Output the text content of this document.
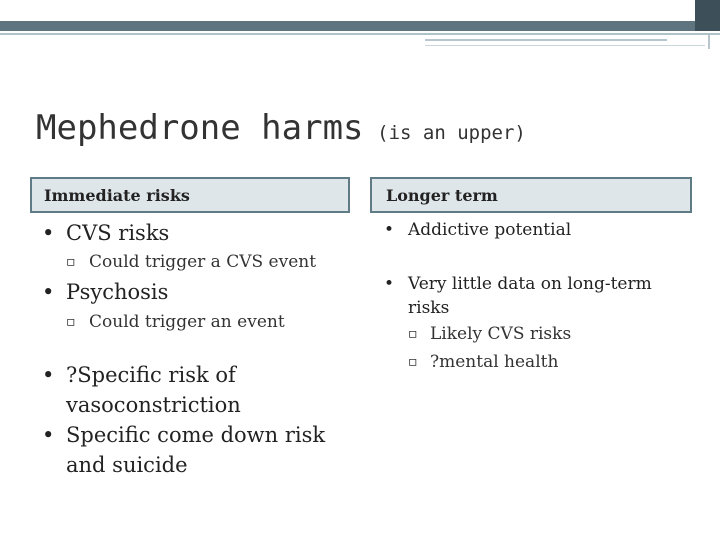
Mephedrone harms (is an upper)
Immediate risks	Longer term
• CVS risks
▫ Could trigger a CVS event
• Psychosis
▫ Could trigger an event
• ?Specific risk of vasoconstriction
• Specific come down risk and suicide
• Addictive potential
• Very little data on long-term risks
▫ Likely CVS risks
▫ ?mental health
